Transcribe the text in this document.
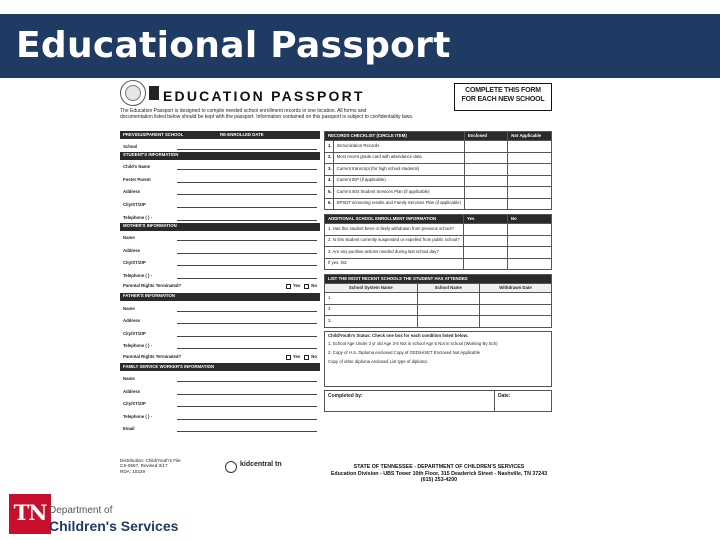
Educational Passport
EDUCATION PASSPORT	COMPLETE THIS FORM
FOR EACH NEW SCHOOL
The Education Passport is designed to compile needed school enrollment records in one location. All forms and
documentation listed below should be kept with the passport. Information contained on this passport is subject to confidentiality laws.
PREVIOUS/PARENT SCHOOL	RE-ENROLLED DATE
School
STUDENT'S INFORMATION
Child's Name
Foster Parent
Address
City/ST/ZIP
Telephone ( ) -
MOTHER'S INFORMATION
Name
Address
City/ST/ZIP
Telephone ( ) -
Parental Rights Terminated?	Yes	No
FATHER'S INFORMATION
Name
Address
City/ST/ZIP
Telephone ( ) -
Parental Rights Terminated?	Yes	No
FAMILY SERVICE WORKER'S INFORMATION
Name
Address
City/ST/ZIP
Telephone ( ) -
Email
RECORDS CHECKLIST (CIRCLE ITEM)		Enclosed	Not Applicable
1.	Immunization Records		
2.	Most recent grade card with attendance data		
3.	Current transcript (for high school students)		
4.	Current IEP (if applicable)		
5.	Current 504 Student Services Plan (if applicable)		
6.	EPSDT screening results and Family Services Plan (if applicable)		
ADDITIONAL SCHOOL ENROLLMENT INFORMATION	Yes	No
1. Has this student been or likely withdrawn from previous school?		
2. Is this student currently suspended or expelled from public school?		
3. Are any punitive actions needed during last school day?		
If yes, list:		
LIST THE MOST RECENT SCHOOLS THE STUDENT HAS ATTENDED		
School System Name	School Name	Withdrawn Date
1.		
2.		
3.		
Child/Youth's Status: Check one box for each condition listed below.
1. School Age Under 3 yr old Age 3-5 Not in school Age 5 Not in school (Working By Sch)
2. Copy of H.S. Diploma enclosed Copy of GED/HiSET Enclosed Not Applicable
Copy of other diploma enclosed List type of diploma:
Completed by:	Date:
Distribution: Child/Youth's File
CS-0657, Revised 3/17
RDA: 10229
kidcentral tn	STATE OF TENNESSEE - DEPARTMENT OF CHILDREN'S SERVICES
Education Division - UBS Tower 10th Floor, 315 Deaderick Street - Nashville, TN 37243
(615) 253-4200
TN Department of
Children's Services
